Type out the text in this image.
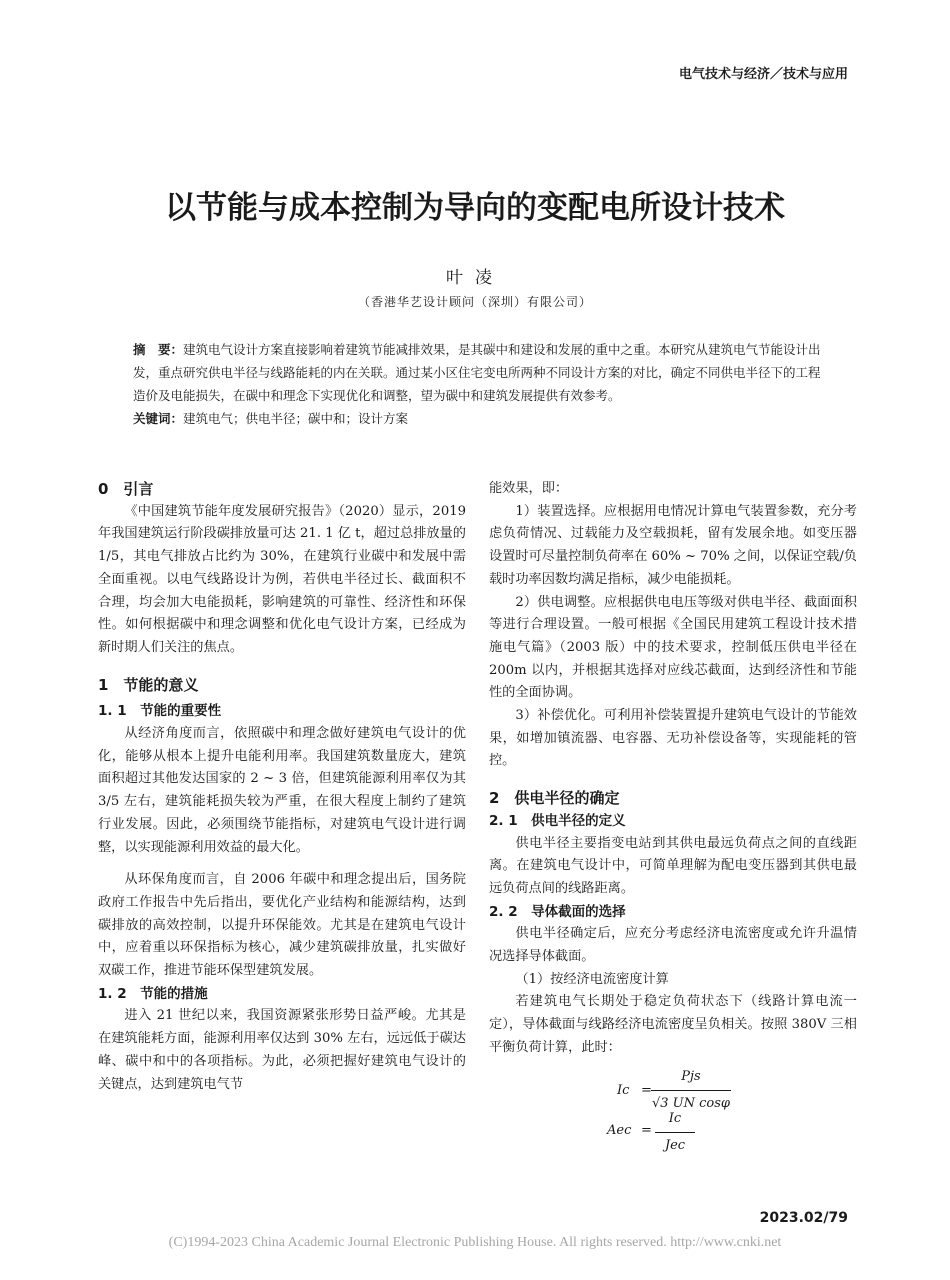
电气技术与经济／技术与应用
以节能与成本控制为导向的变配电所设计技术
叶凌
（香港华艺设计顾问（深圳）有限公司）

摘　要：建筑电气设计方案直接影响着建筑节能减排效果，是其碳中和建设和发展的重中之重。本研究从建筑电气节能设计出发，重点研究供电半径与线路能耗的内在关联。通过某小区住宅变电所两种不同设计方案的对比，确定不同供电半径下的工程造价及电能损失，在碳中和理念下实现优化和调整，望为碳中和建筑发展提供有效参考。

关键词：建筑电气；供电半径；碳中和；设计方案

0　引言

《中国建筑节能年度发展研究报告》（2020）显示，2019 年我国建筑运行阶段碳排放量可达 21. 1 亿 t，超过总排放量的 1/5，其电气排放占比约为 30%，在建筑行业碳中和发展中需全面重视。以电气线路设计为例，若供电半径过长、截面积不合理，均会加大电能损耗，影响建筑的可靠性、经济性和环保性。如何根据碳中和理念调整和优化电气设计方案，已经成为新时期人们关注的焦点。

1　节能的意义

1. 1　节能的重要性

从经济角度而言，依照碳中和理念做好建筑电气设计的优化，能够从根本上提升电能利用率。我国建筑数量庞大，建筑面积超过其他发达国家的 2 ~ 3 倍，但建筑能源利用率仅为其 3/5 左右，建筑能耗损失较为严重，在很大程度上制约了建筑行业发展。因此，必须围绕节能指标，对建筑电气设计进行调整，以实现能源利用效益的最大化。

从环保角度而言，自 2006 年碳中和理念提出后，国务院政府工作报告中先后指出，要优化产业结构和能源结构，达到碳排放的高效控制，以提升环保能效。尤其是在建筑电气设计中，应着重以环保指标为核心，减少建筑碳排放量，扎实做好双碳工作，推进节能环保型建筑发展。

1. 2　节能的措施

进入 21 世纪以来，我国资源紧张形势日益严峻。尤其是在建筑能耗方面，能源利用率仅达到 30% 左右，远远低于碳达峰、碳中和中的各项指标。为此，必须把握好建筑电气设计的关键点，达到建筑电气节

能效果，即：

1）装置选择。应根据用电情况计算电气装置参数，充分考虑负荷情况、过载能力及空载损耗，留有发展余地。如变压器设置时可尽量控制负荷率在 60% ~ 70% 之间，以保证空载/负载时功率因数均满足指标，减少电能损耗。

2）供电调整。应根据供电电压等级对供电半径、截面面积等进行合理设置。一般可根据《全国民用建筑工程设计技术措施电气篇》（2003 版）中的技术要求，控制低压供电半径在 200m 以内，并根据其选择对应线芯截面，达到经济性和节能性的全面协调。

3）补偿优化。可利用补偿装置提升建筑电气设计的节能效果，如增加镇流器、电容器、无功补偿设备等，实现能耗的管控。

2　供电半径的确定

2. 1　供电半径的定义

供电半径主要指变电站到其供电最远负荷点之间的直线距离。在建筑电气设计中，可简单理解为配电变压器到其供电最远负荷点间的线路距离。

2. 2　导体截面的选择

供电半径确定后，应充分考虑经济电流密度或允许升温情况选择导体截面。

（1）按经济电流密度计算

若建筑电气长期处于稳定负荷状态下（线路计算电流一定），导体截面与线路经济电流密度呈负相关。按照 380V 三相平衡负荷计算，此时：

Ic =
Pjs
√3 UN cosφ
Aec =
Ic
Jec
2023.02/79
(C)1994-2023 China Academic Journal Electronic Publishing House. All rights reserved. http://www.cnki.net
